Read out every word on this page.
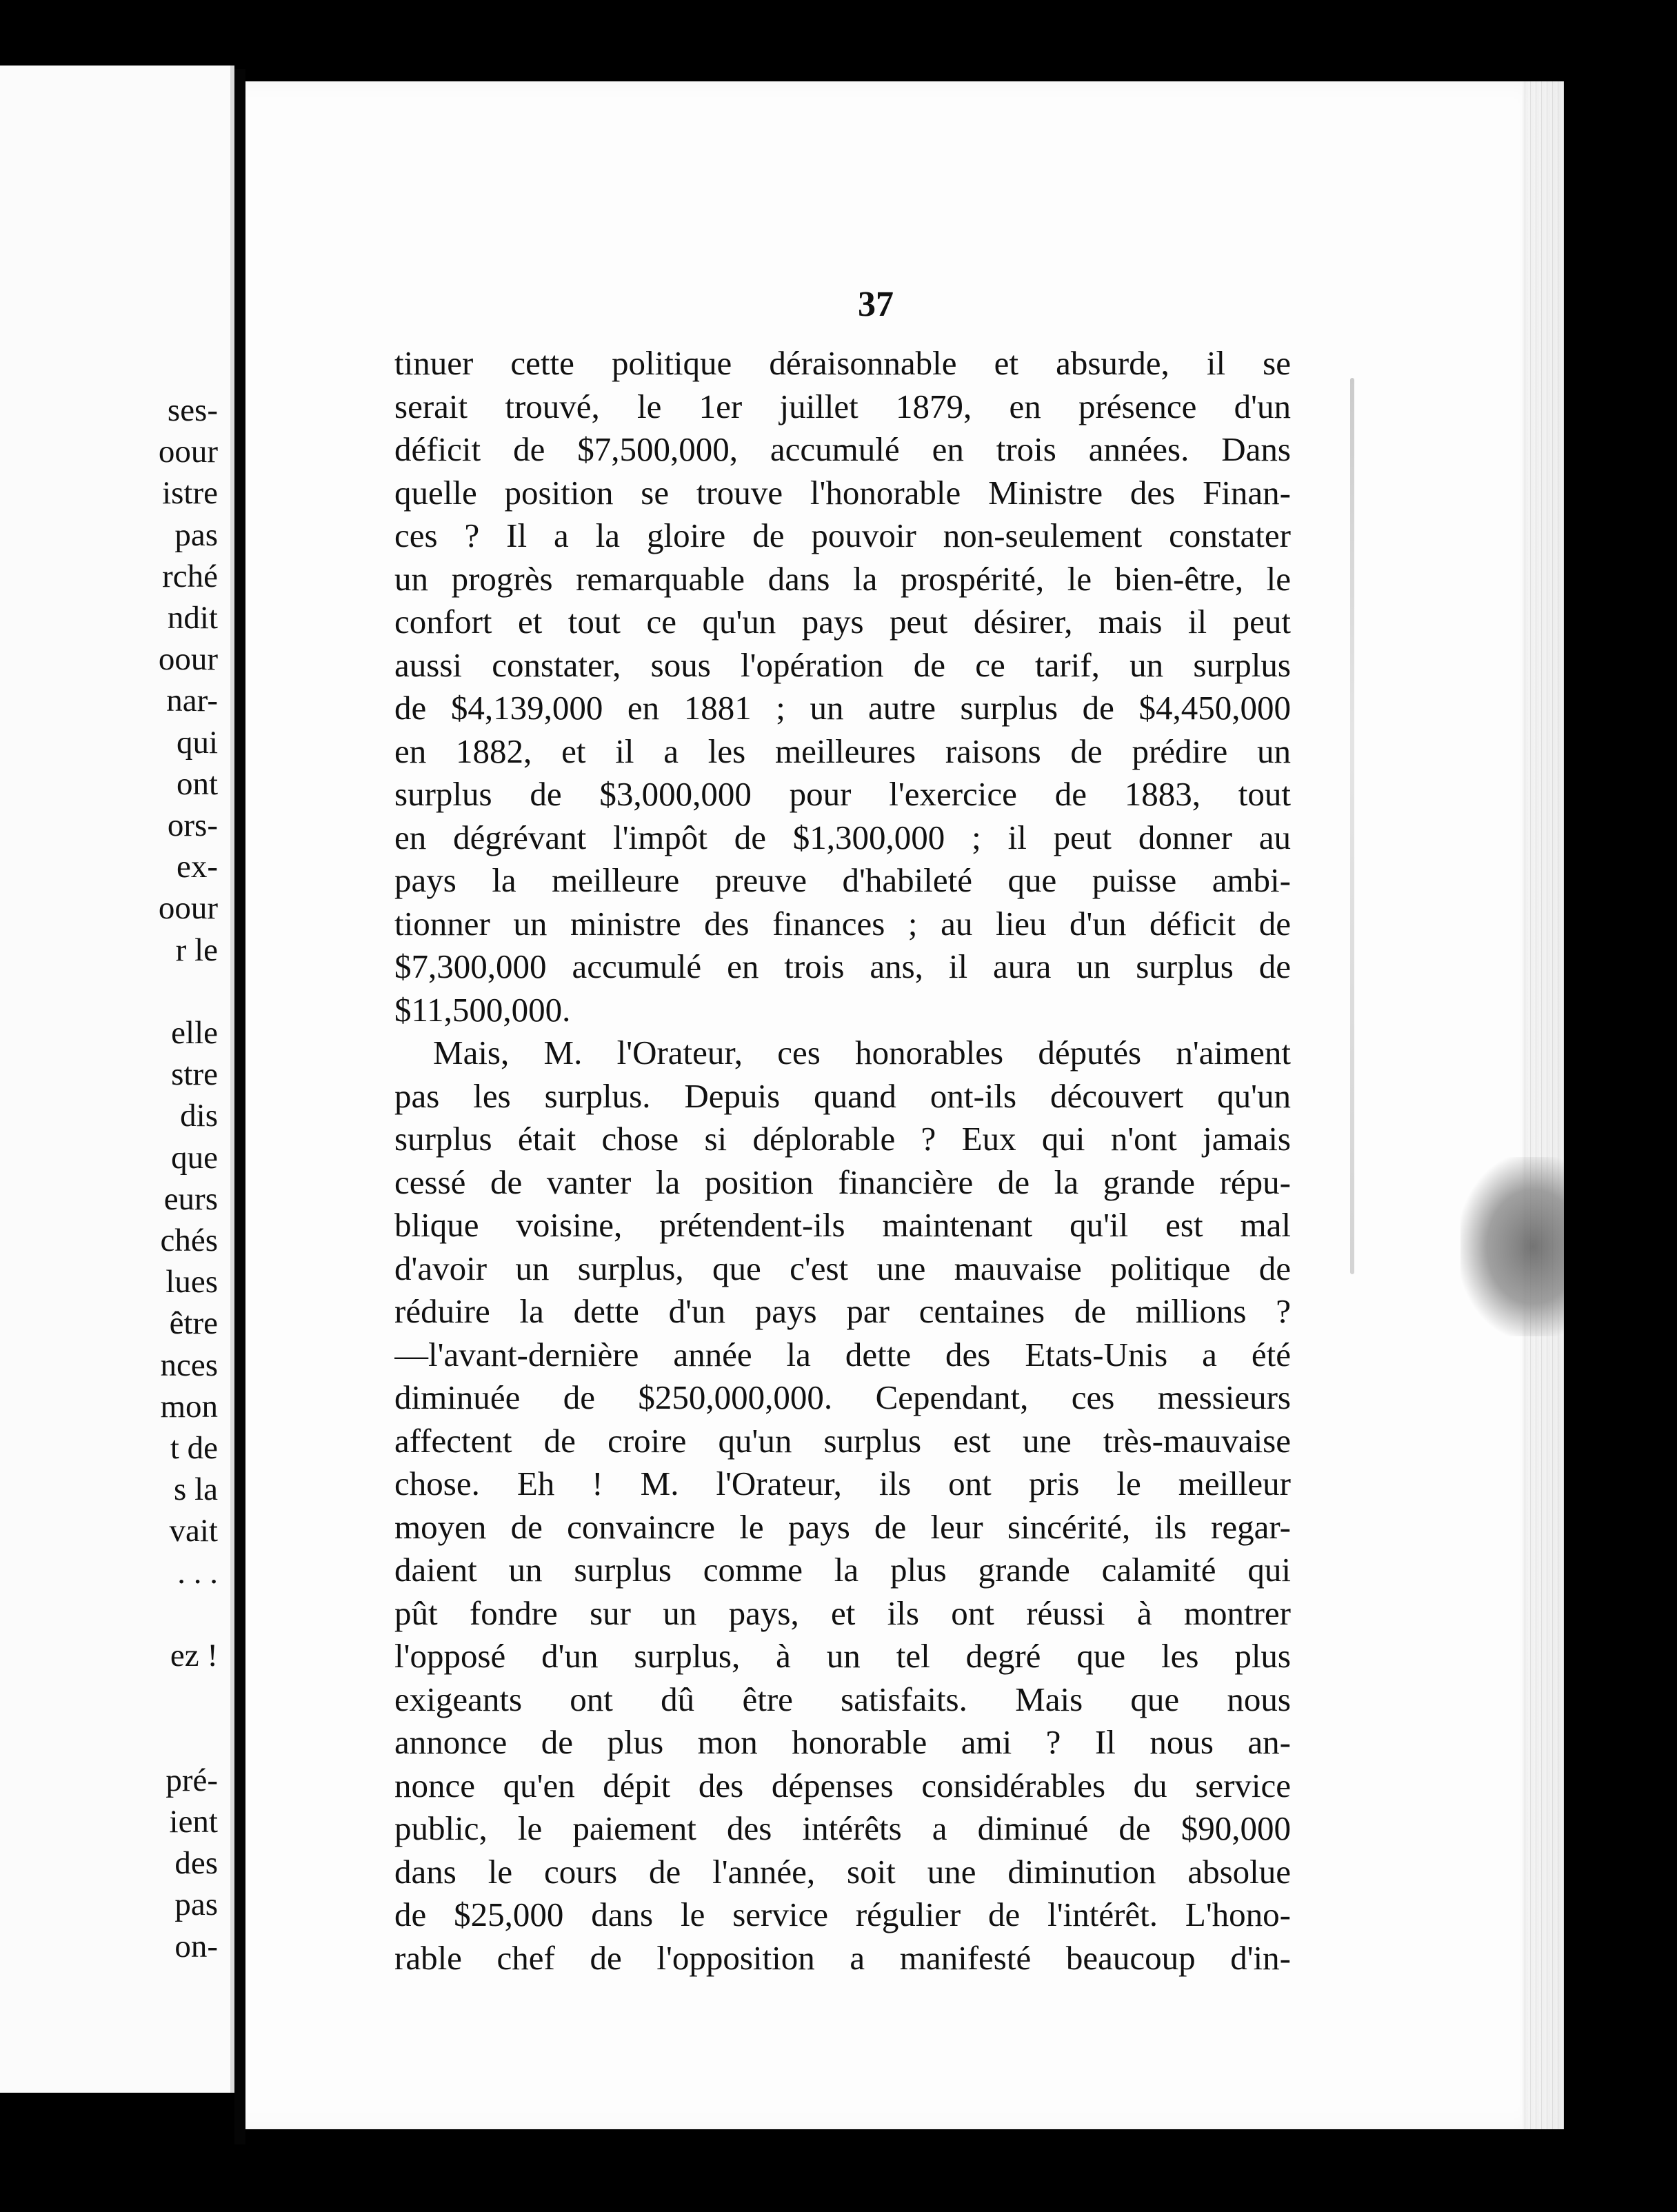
ses-
oour
istre
pas
rché
ndit
oour
nar-
qui
ont
ors-
ex-
oour
r le

elle
stre
dis
que
eurs
chés
lues
être
nces
mon
t de
s la
vait
. . .

ez !

pré-
ient
des
pas
on-
37
tinuer cette politique déraisonnable et absurde, il se
serait trouvé, le 1er juillet 1879, en présence d'un
déficit de $7,500,000, accumulé en trois années. Dans
quelle position se trouve l'honorable Ministre des Finan-
ces ? Il a la gloire de pouvoir non-seulement constater
un progrès remarquable dans la prospérité, le bien-être, le
confort et tout ce qu'un pays peut désirer, mais il peut
aussi constater, sous l'opération de ce tarif, un surplus
de $4,139,000 en 1881 ; un autre surplus de $4,450,000
en 1882, et il a les meilleures raisons de prédire un
surplus de $3,000,000 pour l'exercice de 1883, tout
en dégrévant l'impôt de $1,300,000 ; il peut donner au
pays la meilleure preuve d'habileté que puisse ambi-
tionner un ministre des finances ; au lieu d'un déficit de
$7,300,000 accumulé en trois ans, il aura un surplus de
$11,500,000.
Mais, M. l'Orateur, ces honorables députés n'aiment
pas les surplus. Depuis quand ont-ils découvert qu'un
surplus était chose si déplorable ? Eux qui n'ont jamais
cessé de vanter la position financière de la grande répu-
blique voisine, prétendent-ils maintenant qu'il est mal
d'avoir un surplus, que c'est une mauvaise politique de
réduire la dette d'un pays par centaines de millions ?
—l'avant-dernière année la dette des Etats-Unis a été
diminuée de $250,000,000. Cependant, ces messieurs
affectent de croire qu'un surplus est une très-mauvaise
chose. Eh ! M. l'Orateur, ils ont pris le meilleur
moyen de convaincre le pays de leur sincérité, ils regar-
daient un surplus comme la plus grande calamité qui
pût fondre sur un pays, et ils ont réussi à montrer
l'opposé d'un surplus, à un tel degré que les plus
exigeants ont dû être satisfaits. Mais que nous
annonce de plus mon honorable ami ? Il nous an-
nonce qu'en dépit des dépenses considérables du service
public, le paiement des intérêts a diminué de $90,000
dans le cours de l'année, soit une diminution absolue
de $25,000 dans le service régulier de l'intérêt. L'hono-
rable chef de l'opposition a manifesté beaucoup d'in-
